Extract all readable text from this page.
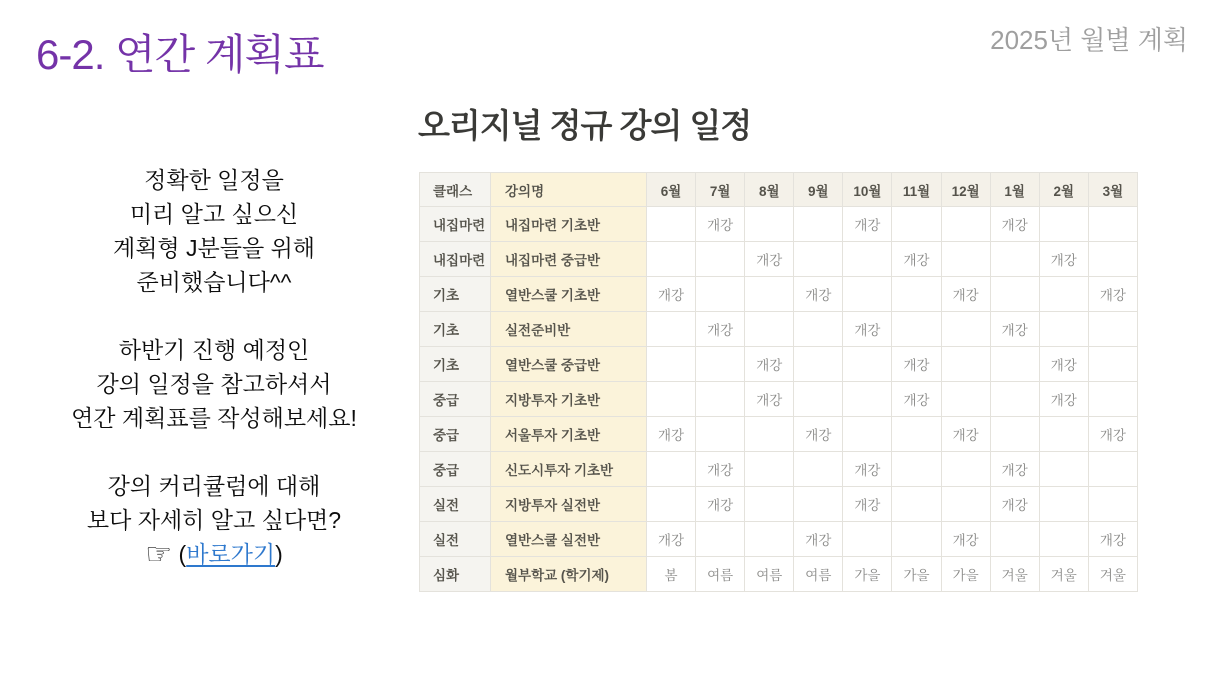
6-2. 연간 계획표	2025년 월별 계획

정확한 일정을
미리 알고 싶으신
계획형 J분들을 위해
준비했습니다^^

하반기 진행 예정인
강의 일정을 참고하셔서
연간 계획표를 작성해보세요!

강의 커리큘럼에 대해
보다 자세히 알고 싶다면?

☞ (바로가기)

오리지널 정규 강의 일정
클래스	강의명	6월	7월	8월	9월	10월	11월	12월	1월	2월	3월
내집마련	내집마련 기초반		개강			개강			개강		
내집마련	내집마련 중급반			개강			개강			개강	
기초	열반스쿨 기초반	개강			개강			개강			개강
기초	실전준비반		개강			개강			개강		
기초	열반스쿨 중급반			개강			개강			개강	
중급	지방투자 기초반			개강			개강			개강	
중급	서울투자 기초반	개강			개강			개강			개강
중급	신도시투자 기초반		개강			개강			개강		
실전	지방투자 실전반		개강			개강			개강		
실전	열반스쿨 실전반	개강			개강			개강			개강
심화	월부학교 (학기제)	봄	여름	여름	여름	가을	가을	가을	겨울	겨울	겨울
